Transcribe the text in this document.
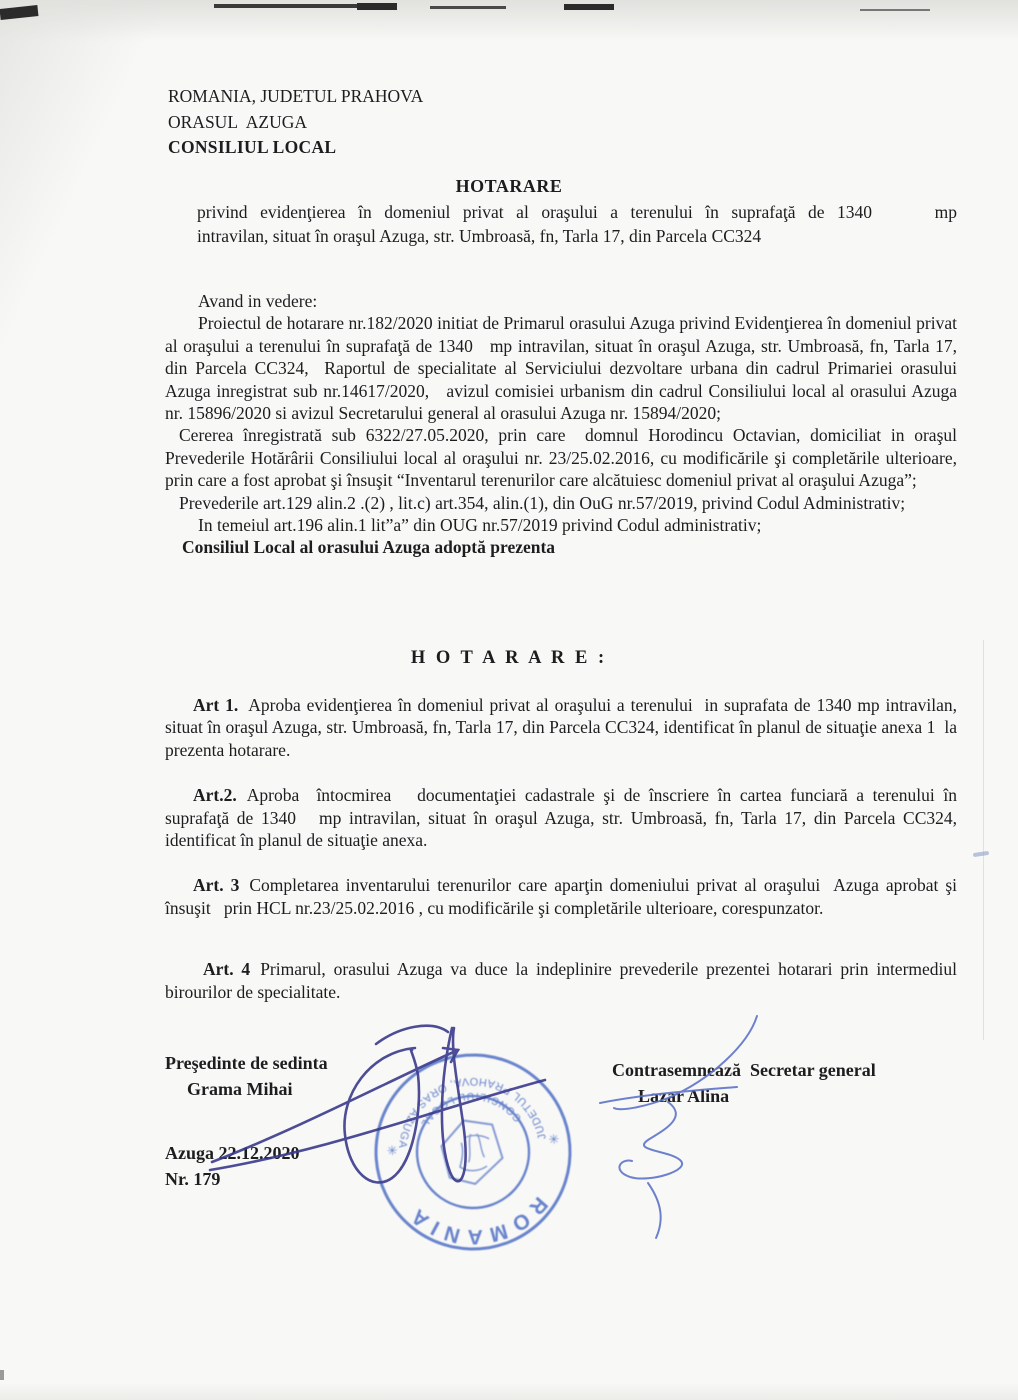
ROMANIA, JUDETUL PRAHOVA
ORASUL  AZUGA
CONSILIUL LOCAL
HOTARARE
privind evidenţierea în domeniul privat al oraşului a terenului în suprafaţă de 1340     mp
intravilan, situat în oraşul Azuga, str. Umbroasă, fn, Tarla 17, din Parcela CC324

Avand in vedere:

Proiectul de hotarare nr.182/2020 initiat de Primarul orasului Azuga privind Evidenţierea în domeniul privat al oraşului a terenului în suprafaţă de 1340   mp intravilan, situat în oraşul Azuga, str. Umbroasă, fn, Tarla 17, din Parcela CC324,  Raportul de specialitate al Serviciului dezvoltare urbana din cadrul Primariei orasului Azuga inregistrat sub nr.14617/2020,   avizul comisiei urbanism din cadrul Consiliului local al orasului Azuga nr. 15896/2020 si avizul Secretarului general al orasului Azuga nr. 15894/2020;

Cererea înregistrată sub 6322/27.05.2020, prin care  domnul Horodincu Octavian, domiciliat in oraşul Prevederile Hotărârii Consiliului local al oraşului nr. 23/25.02.2016, cu modificările şi completările ulterioare, prin care a fost aprobat şi însuşit “Inventarul terenurilor care alcătuiesc domeniul privat al oraşului Azuga”;

Prevederile art.129 alin.2 .(2) , lit.c) art.354, alin.(1), din OuG nr.57/2019, privind Codul Administrativ;

In temeiul art.196 alin.1 lit”a” din OUG nr.57/2019 privind Codul administrativ;

Consiliul Local al orasului Azuga adoptă prezenta

H O T A R A R E :

Art 1. Aproba evidenţierea în domeniul privat al oraşului a terenului  in suprafata de 1340 mp intravilan, situat în oraşul Azuga, str. Umbroasă, fn, Tarla 17, din Parcela CC324, identificat în planul de situaţie anexa 1  la prezenta hotarare.

Art.2. Aproba  întocmirea   documentaţiei cadastrale şi de înscriere în cartea funciară a terenului în suprafaţă de 1340   mp intravilan, situat în oraşul Azuga, str. Umbroasă, fn, Tarla 17, din Parcela CC324, identificat în planul de situaţie anexa.

Art. 3 Completarea inventarului terenurilor care aparţin domeniului privat al oraşului  Azuga aprobat şi însuşit   prin HCL nr.23/25.02.2016 , cu modificările şi completările ulterioare, corespunzator.

Art. 4 Primarul, orasului Azuga va duce la indeplinire prevederile prezentei hotarari prin intermediul birourilor de specialitate.

Preşedinte de sedinta
Grama Mihai
Contrasemnează  Secretar general
Lazar Alina
Azuga 22.12.2020
Nr. 179
ROMANIA
JUDETUL PRAHOVA, ORAS AZUGA
CONSILIUL LOCAL
✳
✳
